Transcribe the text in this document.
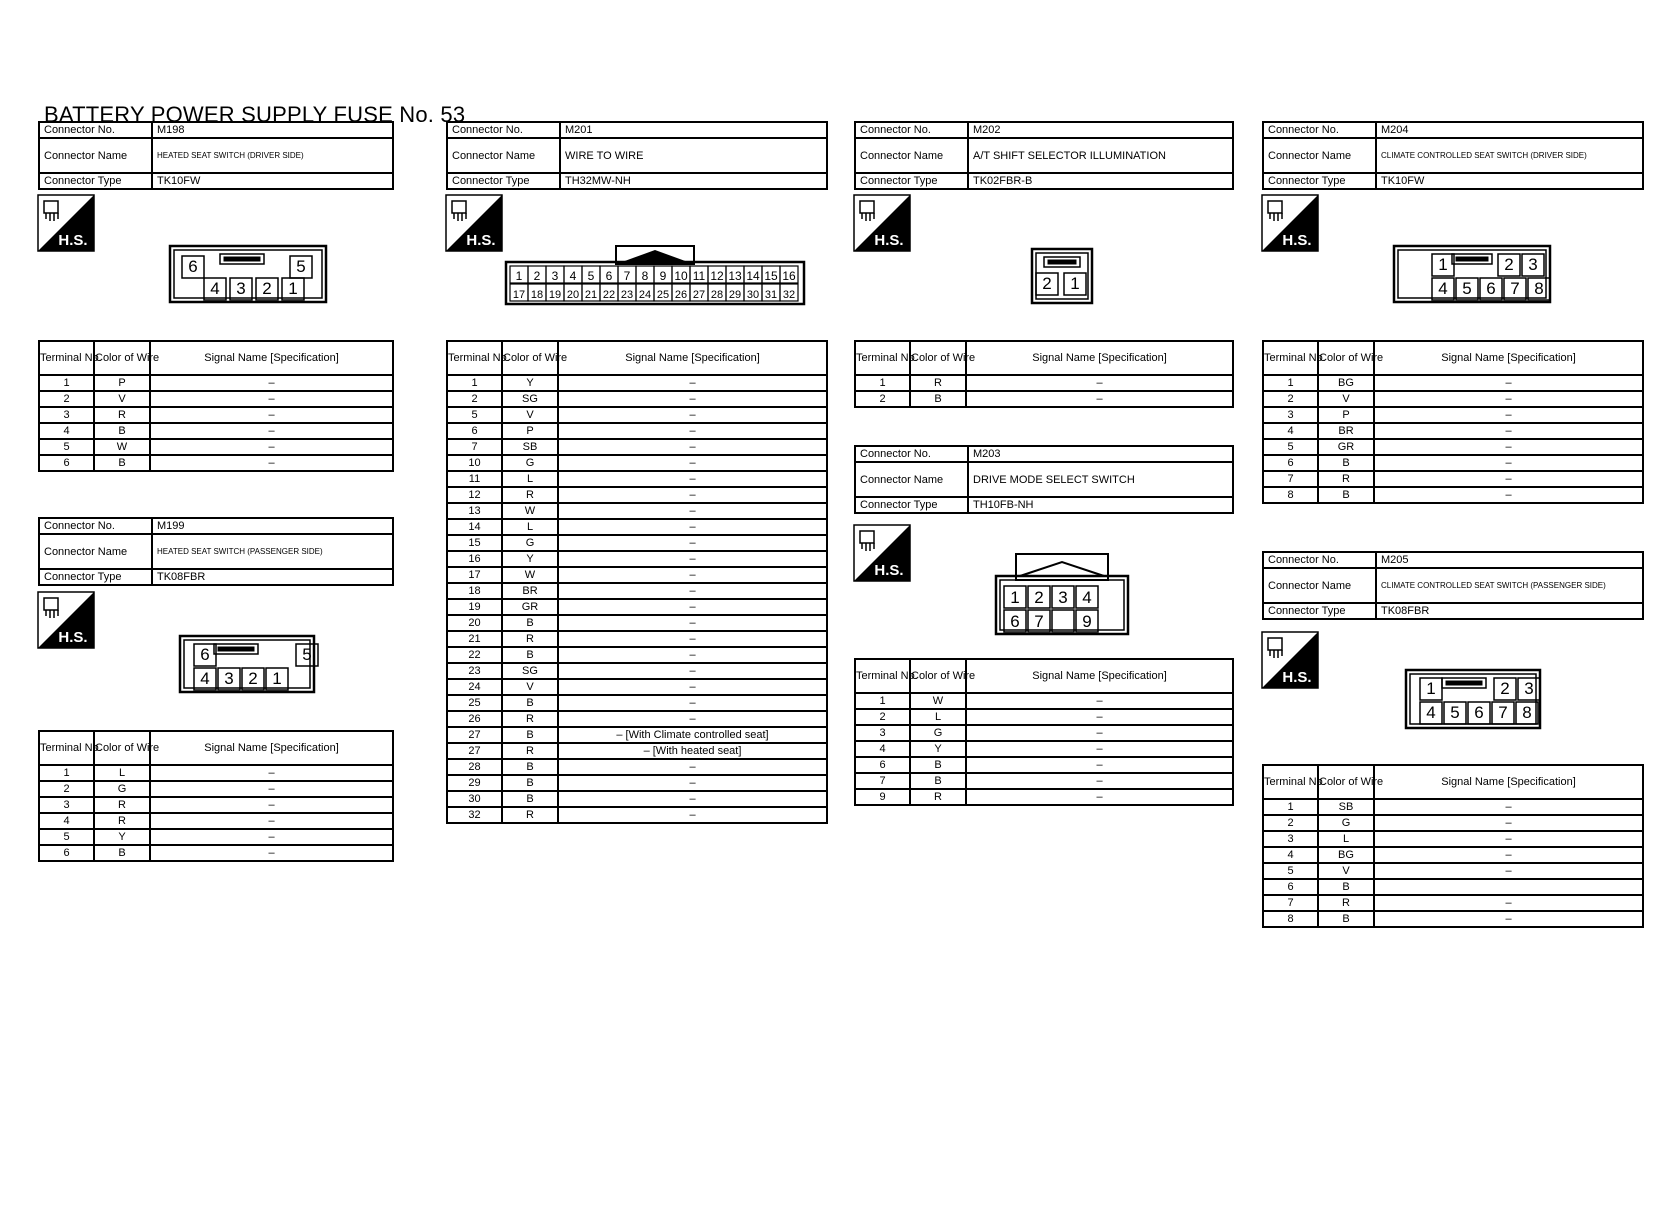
BATTERY POWER SUPPLY FUSE No. 53
Connector No.	M198
Connector Name	HEATED SEAT SWITCH (DRIVER SIDE)
Connector Type	TK10FW
H.S.
6	5
4 3 2 1
Terminal No.	Color of Wire	Signal Name [Specification]
1	P	–
2	V	–
3	R	–
4	B	–
5	W	–
6	B	–
Connector No.	M199
Connector Name	HEATED SEAT SWITCH (PASSENGER SIDE)
Connector Type	TK08FBR
H.S.
6	5
4 3 2 1
Terminal No.	Color of Wire	Signal Name [Specification]
1	L	–
2	G	–
3	R	–
4	R	–
5	Y	–
6	B	–
Connector No.	M201
Connector Name	WIRE TO WIRE
Connector Type	TH32MW-NH
H.S.
1 2 3 4 5 6 7 8 9 10 11 12 13 14 15 16
17 18 19 20 21 22 23 24 25 26 27 28 29 30 31 32
Terminal No.	Color of Wire	Signal Name [Specification]
1	Y	–
2	SG	–
5	V	–
6	P	–
7	SB	–
10	G	–
11	L	–
12	R	–
13	W	–
14	L	–
15	G	–
16	Y	–
17	W	–
18	BR	–
19	GR	–
20	B	–
21	R	–
22	B	–
23	SG	–
24	V	–
25	B	–
26	R	–
27	B	– [With Climate controlled seat]
27	R	– [With heated seat]
28	B	–
29	B	–
30	B	–
32	R	–
Connector No.	M202
Connector Name	A/T SHIFT SELECTOR ILLUMINATION
Connector Type	TK02FBR-B
H.S.
2 1
Terminal No.	Color of Wire	Signal Name [Specification]
1	R	–
2	B	–
Connector No.	M203
Connector Name	DRIVE MODE SELECT SWITCH
Connector Type	TH10FB-NH
H.S.
1 2 3 4
6 7 9
Terminal No.	Color of Wire	Signal Name [Specification]
1	W	–
2	L	–
3	G	–
4	Y	–
6	B	–
7	B	–
9	R	–
Connector No.	M204
Connector Name	CLIMATE CONTROLLED SEAT SWITCH (DRIVER SIDE)
Connector Type	TK10FW
H.S.
1	2 3
4 5 6 7 8
Terminal No.	Color of Wire	Signal Name [Specification]
1	BG	–
2	V	–
3	P	–
4	BR	–
5	GR	–
6	B	–
7	R	–
8	B	–
Connector No.	M205
Connector Name	CLIMATE CONTROLLED SEAT SWITCH (PASSENGER SIDE)
Connector Type	TK08FBR
H.S.
1	2 3
4 5 6 7 8
Terminal No.	Color of Wire	Signal Name [Specification]
1	SB	–
2	G	–
3	L	–
4	BG	–
5	V	–
6	B	
7	R	–
8	B	–
